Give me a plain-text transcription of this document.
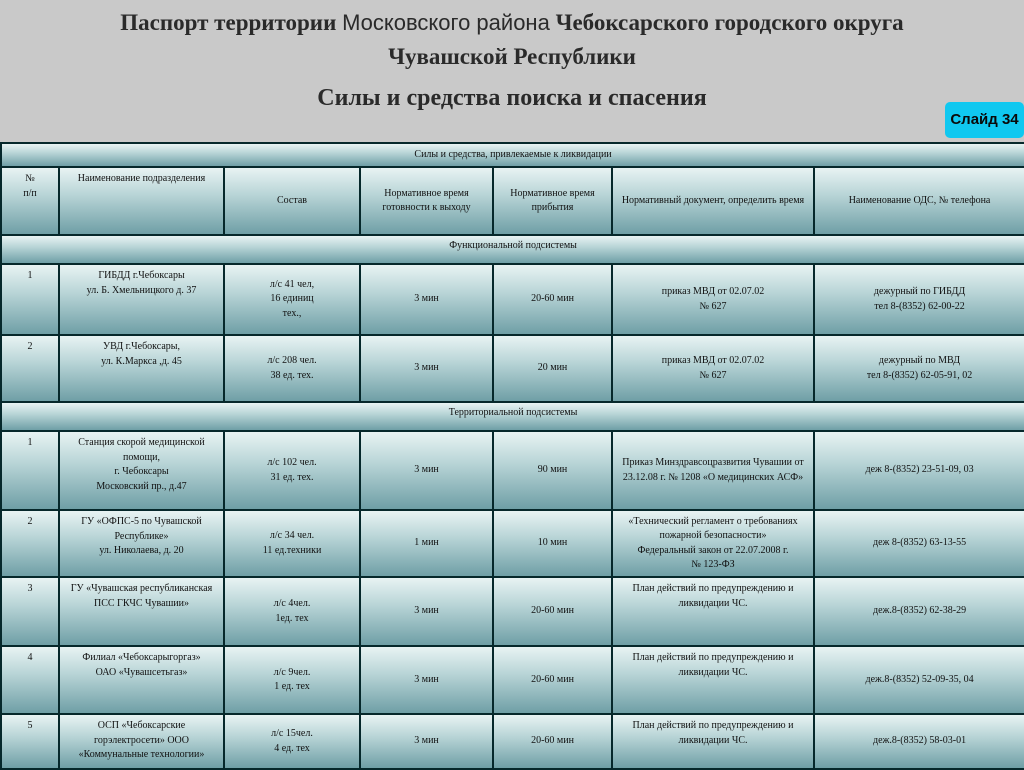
Паспорт территории Московского района Чебоксарского городского округа
Чувашской Республики
Силы и средства поиска и спасения
Слайд 34
Силы и средства, привлекаемые к ликвидации						

№
п/п	Наименование подразделения	Состав	Нормативное время готовности к выходу	Нормативное время прибытия	Нормативный документ, определить время	Наименование ОДС, № телефона
Функциональной подсистемы						
1	ГИБДД г.Чебоксары
ул. Б. Хмельницкого д. 37	л/с 41 чел,
16 единиц
тех.,	3 мин	20-60 мин	приказ МВД от 02.07.02
№ 627	дежурный по ГИБДД
тел 8-(8352) 62-00-22

2	УВД г.Чебоксары,
ул. К.Маркса ,д. 45	л/с 208 чел.
38 ед. тех.	3 мин	20 мин	приказ МВД от 02.07.02
№ 627	дежурный по МВД
тел 8-(8352) 62-05-91, 02

Территориальной подсистемы						
1	Станция скорой медицинской помощи,
г. Чебоксары
Московский пр., д.47	л/с 102 чел.
31 ед. тех.	3 мин	90 мин	Приказ Минздравсоцразвития Чувашии от 23.12.08 г. № 1208 «О медицинских АСФ»	деж 8-(8352) 23-51-09, 03

2	ГУ «ОФПС-5 по Чувашской Республике»
ул. Николаева, д. 20	л/с 34 чел.
11 ед.техники	1 мин	10 мин	«Технический регламент о требованиях пожарной безопасности»
Федеральный закон от 22.07.2008 г.
№ 123-ФЗ	деж 8-(8352) 63-13-55

3	ГУ «Чувашская республиканская ПСС ГКЧС Чувашии»	л/с 4чел.
1ед. тех	3 мин	20-60 мин	План действий по предупреждению и ликвидации ЧС.	деж.8-(8352) 62-38-29

4	Филиал «Чебоксарыгоргаз»
ОАО «Чувашсетьгаз»	л/с 9чел.
1 ед. тех	3 мин	20-60 мин	План действий по предупреждению и ликвидации ЧС.	деж.8-(8352) 52-09-35, 04

5	ОСП «Чебоксарские горэлектросети» ООО «Коммунальные технологии»	л/с 15чел.
4 ед. тех	3 мин	20-60 мин	План действий по предупреждению и ликвидации ЧС.	деж.8-(8352) 58-03-01
